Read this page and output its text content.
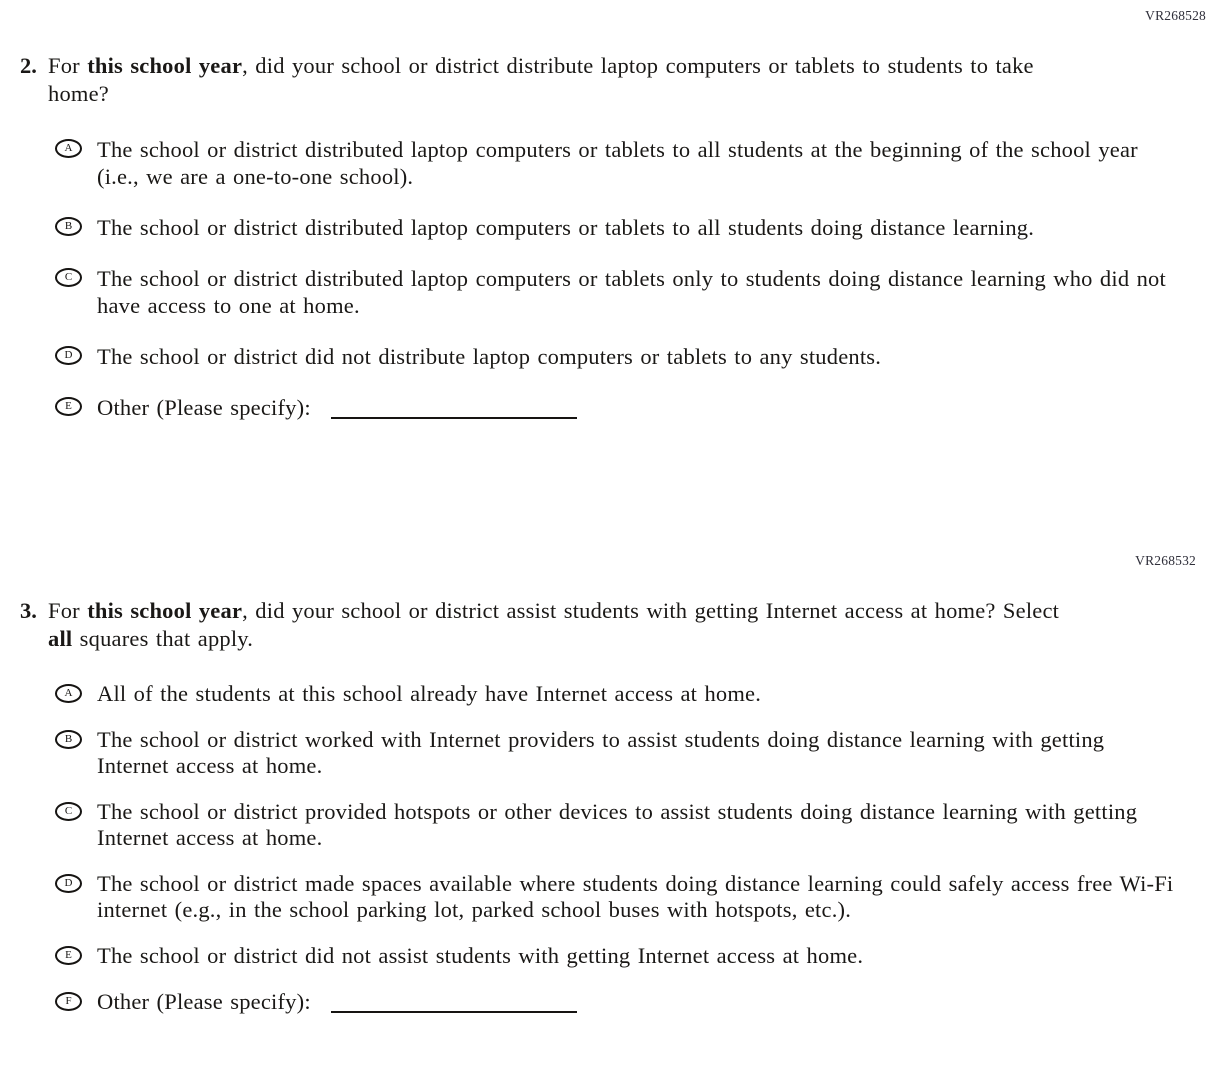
VR268528
2. For this school year, did your school or district distribute laptop computers or tablets to students to take home?

A The school or district distributed laptop computers or tablets to all students at the beginning of the school year (i.e., we are a one-to-one school).
B The school or district distributed laptop computers or tablets to all students doing distance learning.
C The school or district distributed laptop computers or tablets only to students doing distance learning who did not have access to one at home.
D The school or district did not distribute laptop computers or tablets to any students.
E Other (Please specify):
VR268532
3. For this school year, did your school or district assist students with getting Internet access at home? Select all squares that apply.

A All of the students at this school already have Internet access at home.
B The school or district worked with Internet providers to assist students doing distance learning with getting Internet access at home.
C The school or district provided hotspots or other devices to assist students doing distance learning with getting Internet access at home.
D The school or district made spaces available where students doing distance learning could safely access free Wi-Fi internet (e.g., in the school parking lot, parked school buses with hotspots, etc.).
E The school or district did not assist students with getting Internet access at home.
F Other (Please specify):
